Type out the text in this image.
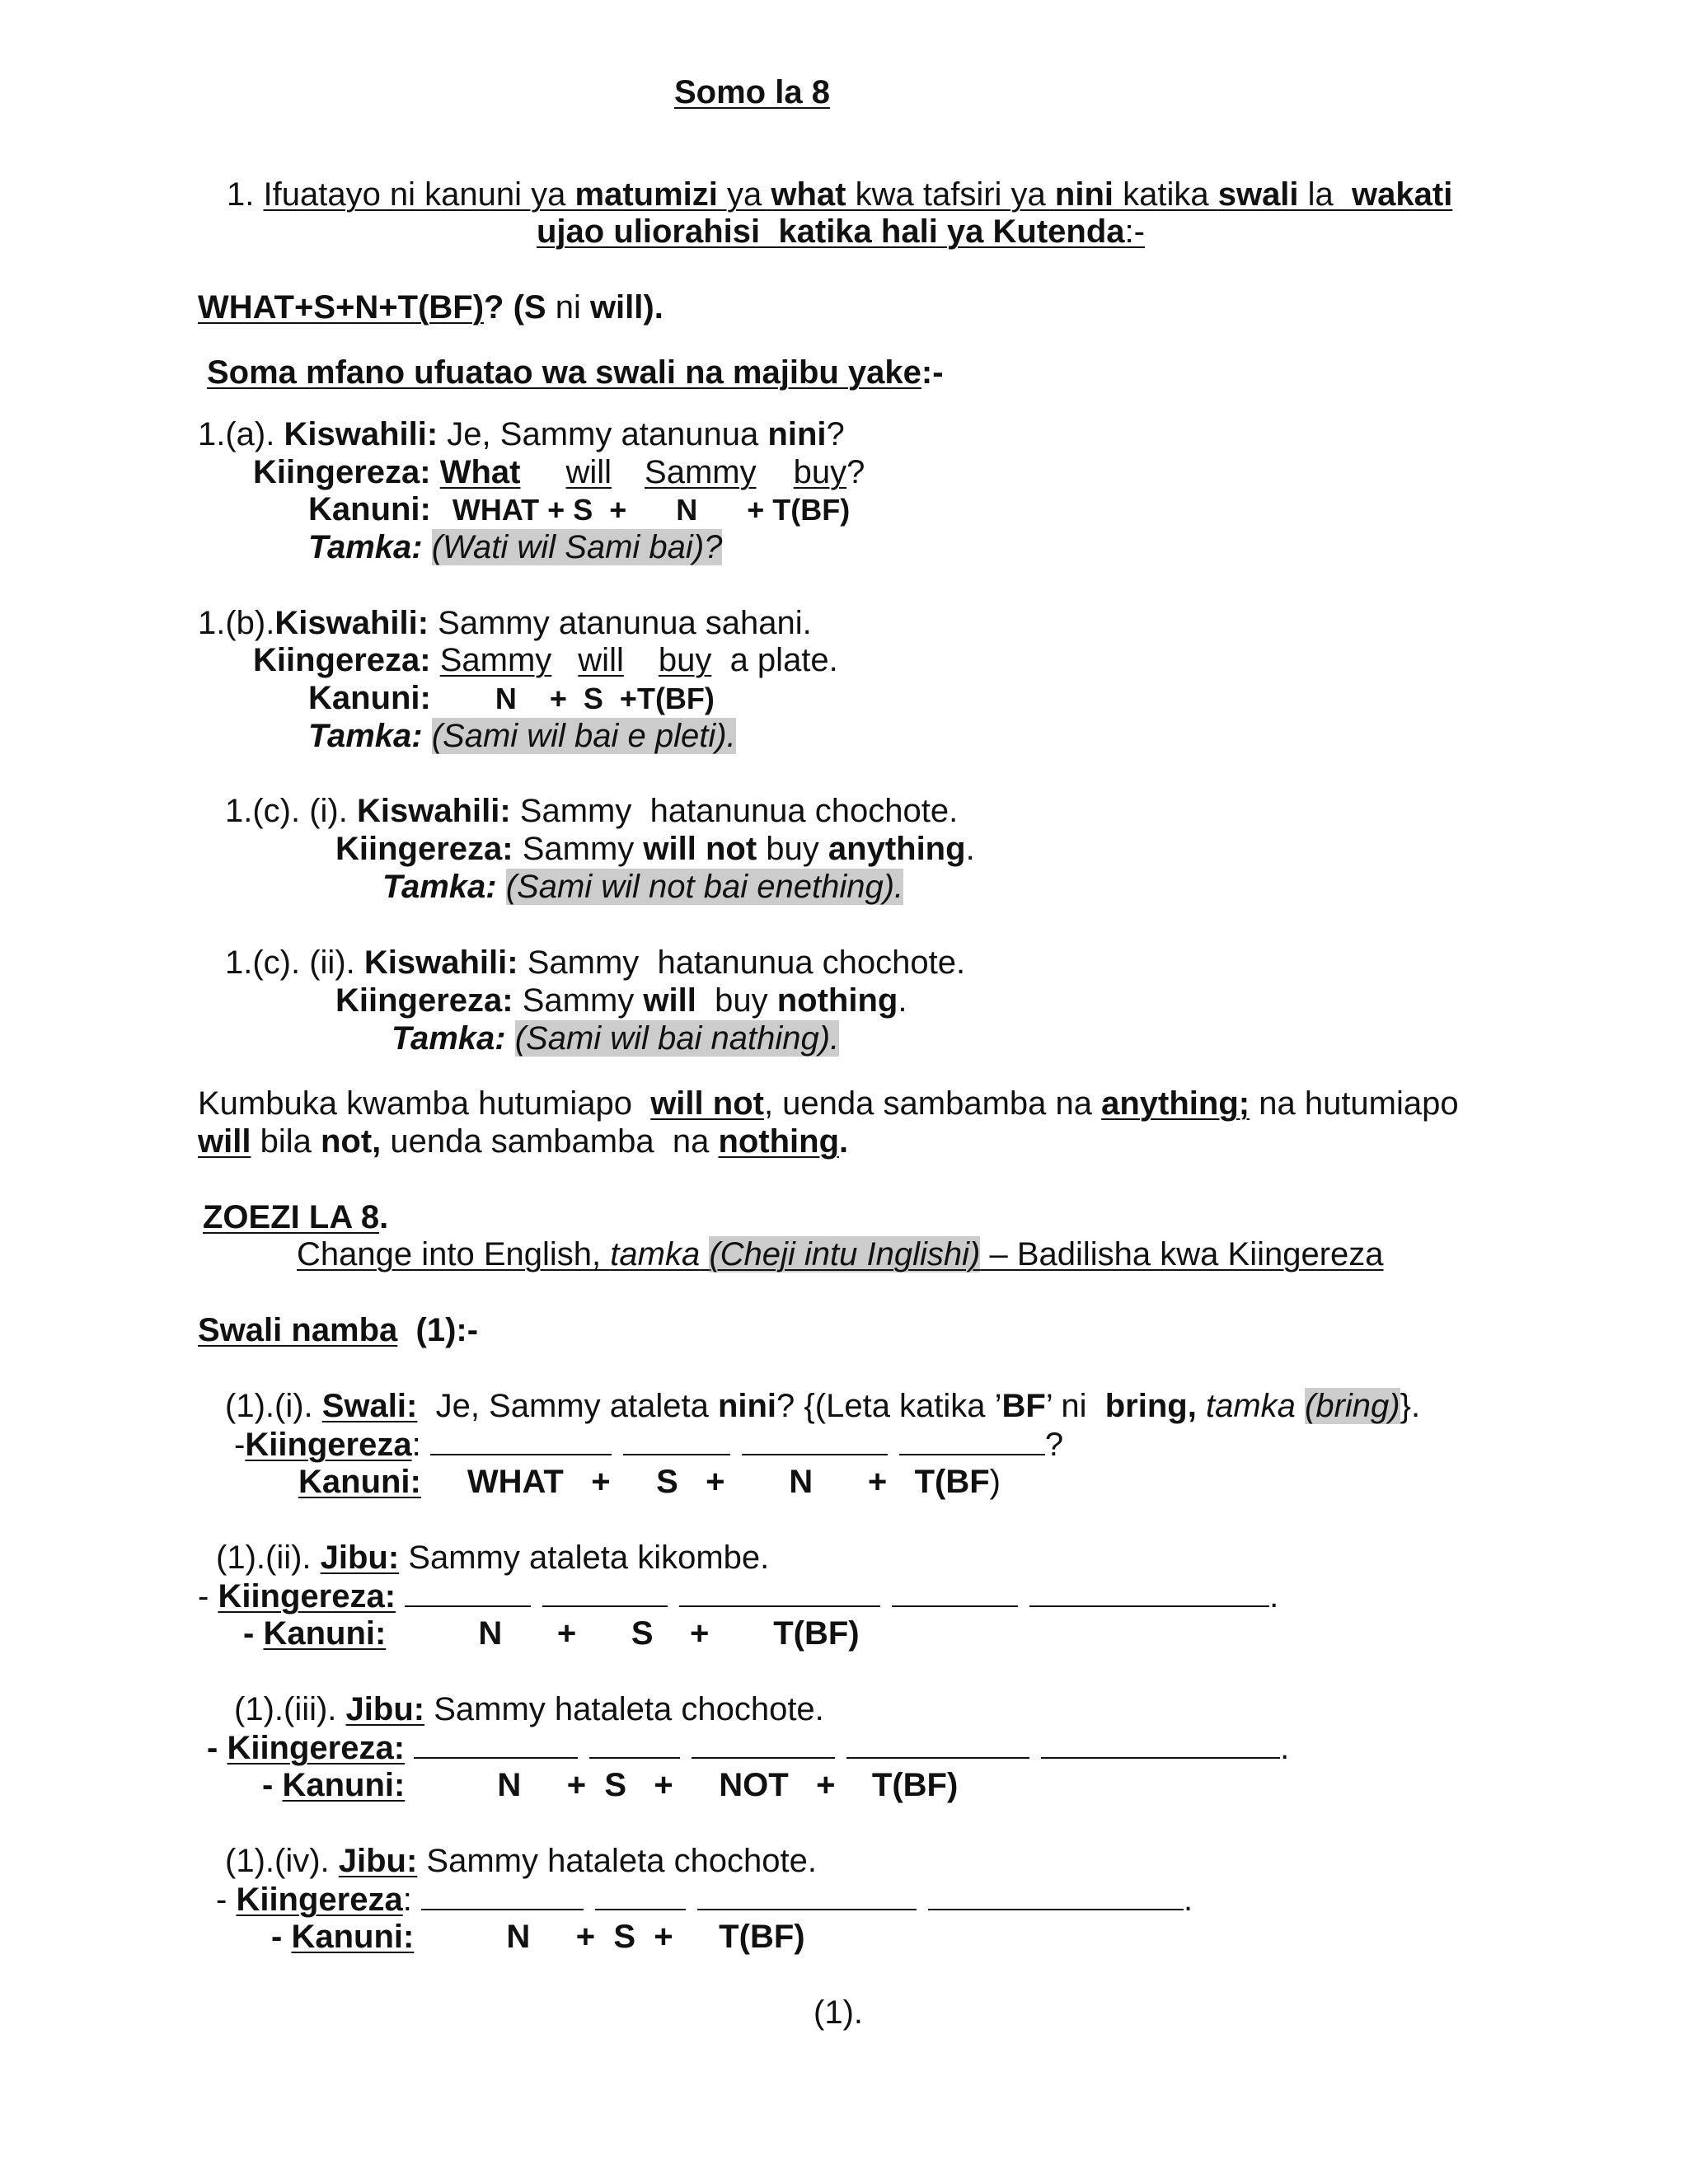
Somo la 8
1. Ifuatayo ni kanuni ya matumizi ya what kwa tafsiri ya nini katika swali la  wakati
ujao uliorahisi  katika hali ya Kutenda:-
WHAT+S+N+T(BF)? (S ni will).
Soma mfano ufuatao wa swali na majibu yake:-
1.(a). Kiswahili: Je, Sammy atanunua nini?
Kiingereza: What will Sammy buy?
Kanuni: WHAT + S  +      N      + T(BF)
Tamka: (Wati wil Sami bai)?
1.(b).Kiswahili: Sammy atanunua sahani.
Kiingereza: Sammy will buy  a plate.
Kanuni: N    +  S  +T(BF)
Tamka: (Sami wil bai e pleti).
1.(c). (i). Kiswahili: Sammy  hatanunua chochote.
Kiingereza: Sammy will not buy anything.
Tamka: (Sami wil not bai enething).
1.(c). (ii). Kiswahili: Sammy  hatanunua chochote.
Kiingereza: Sammy will  buy nothing.
Tamka: (Sami wil bai nathing).
Kumbuka kwamba hutumiapo  will not, uenda sambamba na anything; na hutumiapo
will bila not, uenda sambamba  na nothing.
ZOEZI LA 8.
Change into English, tamka (Cheji intu Inglishi) – Badilisha kwa Kiingereza
Swali namba  (1):-
(1).(i). Swali:  Je, Sammy ataleta nini? {(Leta katika ’BF’ ni  bring, tamka (bring)}.
-Kiingereza:	?
Kanuni: WHAT   +     S   +       N      +   T(BF)
(1).(ii). Jibu: Sammy ataleta kikombe.
- Kiingereza:	.
- Kanuni:	N      +      S    +       T(BF)
(1).(iii). Jibu: Sammy hataleta chochote.
- Kiingereza:	.
- Kanuni:	N     +  S   +     NOT   +    T(BF)
(1).(iv). Jibu: Sammy hataleta chochote.
- Kiingereza:	.
- Kanuni:	N     +  S  +     T(BF)
(1).
